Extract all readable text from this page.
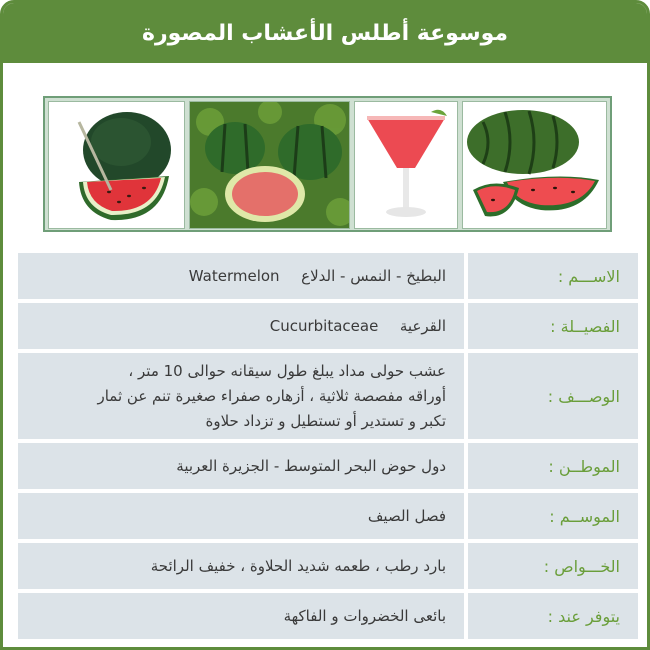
موسوعة أطلس الأعشاب المصورة
الاســـم :
البطيخ - النمس - الدلاع  Watermelon
الفصيــلة :
القرعية  Cucurbitaceae
الوصـــف :
عشب حولى مداد يبلغ طول سيقانه حوالى 10 متر ،
أوراقه مفصصة ثلاثية ، أزهاره صفراء صغيرة تنم عن ثمار
تكبر و تستدير أو تستطيل و تزداد حلاوة
الموطــن :
دول حوض البحر المتوسط - الجزيرة العربية
الموســم :
فصل الصيف
الخـــواص :
بارد رطب ، طعمه شديد الحلاوة ، خفيف الرائحة
يتوفر عند :
بائعى الخضروات و الفاكهة
